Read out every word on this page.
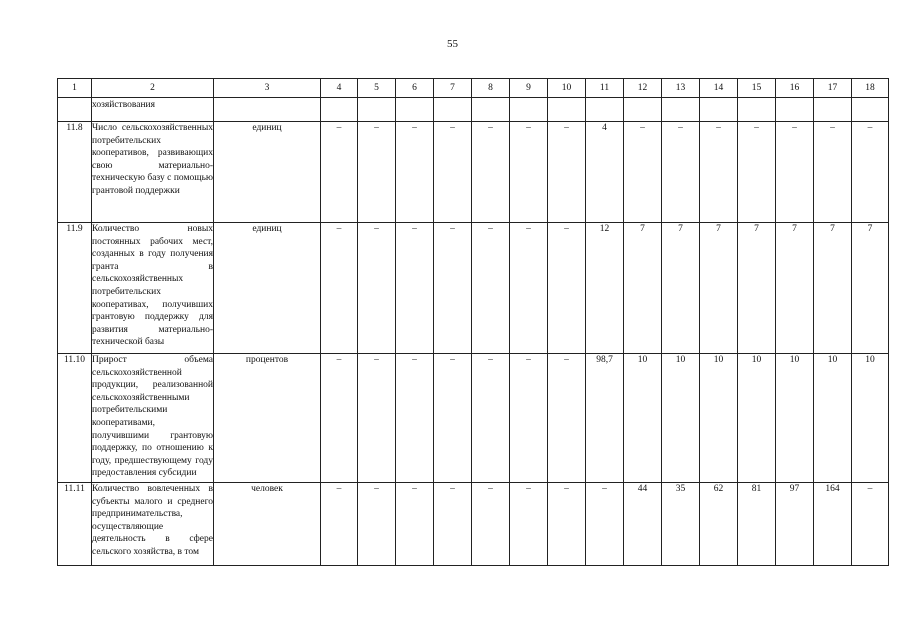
55
1	2	3	4	5	6	7	8	9	10	11	12	13	14	15	16	17	18
	хозяйствования																
11.8	Число сельскохозяйственных потребительских кооперативов, развивающих свою материально-техническую базу с помощью грантовой поддержки	единиц	–	–	–	–	–	–	–	4	–	–	–	–	–	–	–
11.9	Количество новых постоянных рабочих мест, созданных в году получения гранта в сельскохозяйственных потребительских кооперативах, получивших грантовую поддержку для развития материально-технической базы	единиц	–	–	–	–	–	–	–	12	7	7	7	7	7	7	7
11.10	Прирост объема сельскохозяйственной продукции, реализованной сельскохозяйственными потребительскими кооперативами, получившими грантовую поддержку, по отношению к году, предшествующему году предоставления субсидии	процентов	–	–	–	–	–	–	–	98,7	10	10	10	10	10	10	10
11.11	Количество вовлеченных в субъекты малого и среднего предпринимательства, осуществляющие деятельность в сфере сельского хозяйства, в том	человек	–	–	–	–	–	–	–	–	44	35	62	81	97	164	–
